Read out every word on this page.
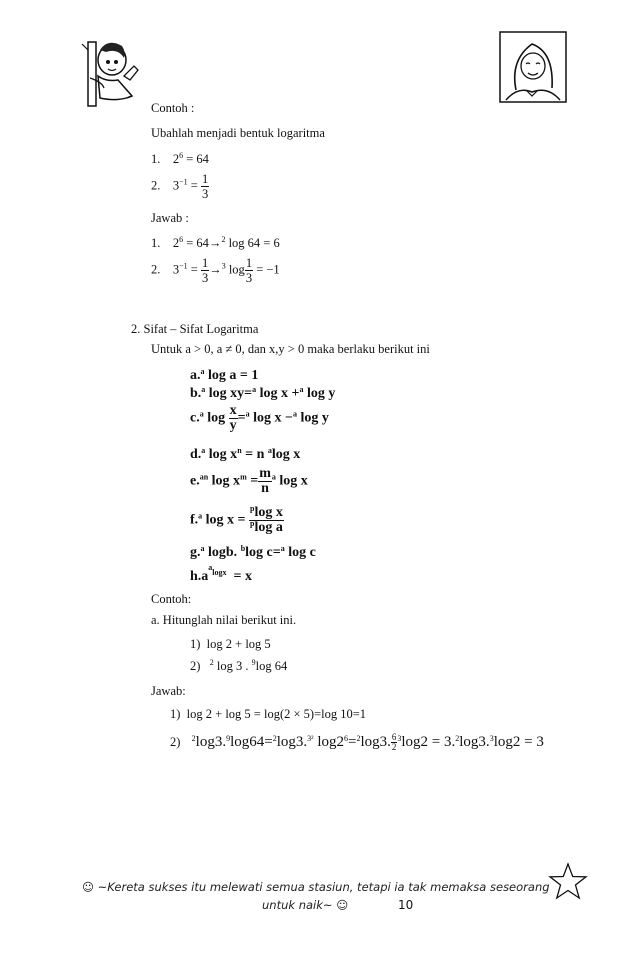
Contoh :
Ubahlah menjadi bentuk logaritma
1. $2^6 = 64$
2. $3^{-1} = \frac{1}{3}$
Jawab :
1. $2^6 = 64\to^2$ log 64 = 6
2. $3^{-1} = \frac{1}{3} \to^3$ $\log \frac{1}{3} = -1$
2. Sifat – Sifat Logaritma
Untuk a > 0, a ≠ 0, dan x,y > 0 maka berlaku berikut ini
a.$^a$ log a = 1
b.$^a$ log xy=$^a$ log x +$^a$ log y
c.$^a$ $\log \frac{x}{y} =^a$ log x −$^a$ log y
d.$^a$ $\log x^n = n$ $^a$log x
e.$^{an}$ $\log x^m = \frac{m}{n} ^a$ log x
f.$^a$ $\log x = \frac{^p\log x}{^p\log a}$
g.$^a$ logb. $^b$log c=$^a$ log c
$h.a^{^alogx} = x$
Contoh:
a. Hitunglah nilai berikut ini.
1) log 2 + log 5
2) $^2$ log 3 . $^9$log 64
Jawab:
1) log 2 + log 5 = log(2 × 5)=log 10=1
2) $^2$log3.$^9$log64=$^2$log3.$^{3^2}$ $\log 2^6=^2\log 3$. $\frac{6}{2} ^3\log 2 = 3.^2\log 3.^3\log 2 = 3$
☺ ~Kereta sukses itu melewati semua stasiun, tetapi ia tak memaksa seseorang
untuk naik~ ☺	10
